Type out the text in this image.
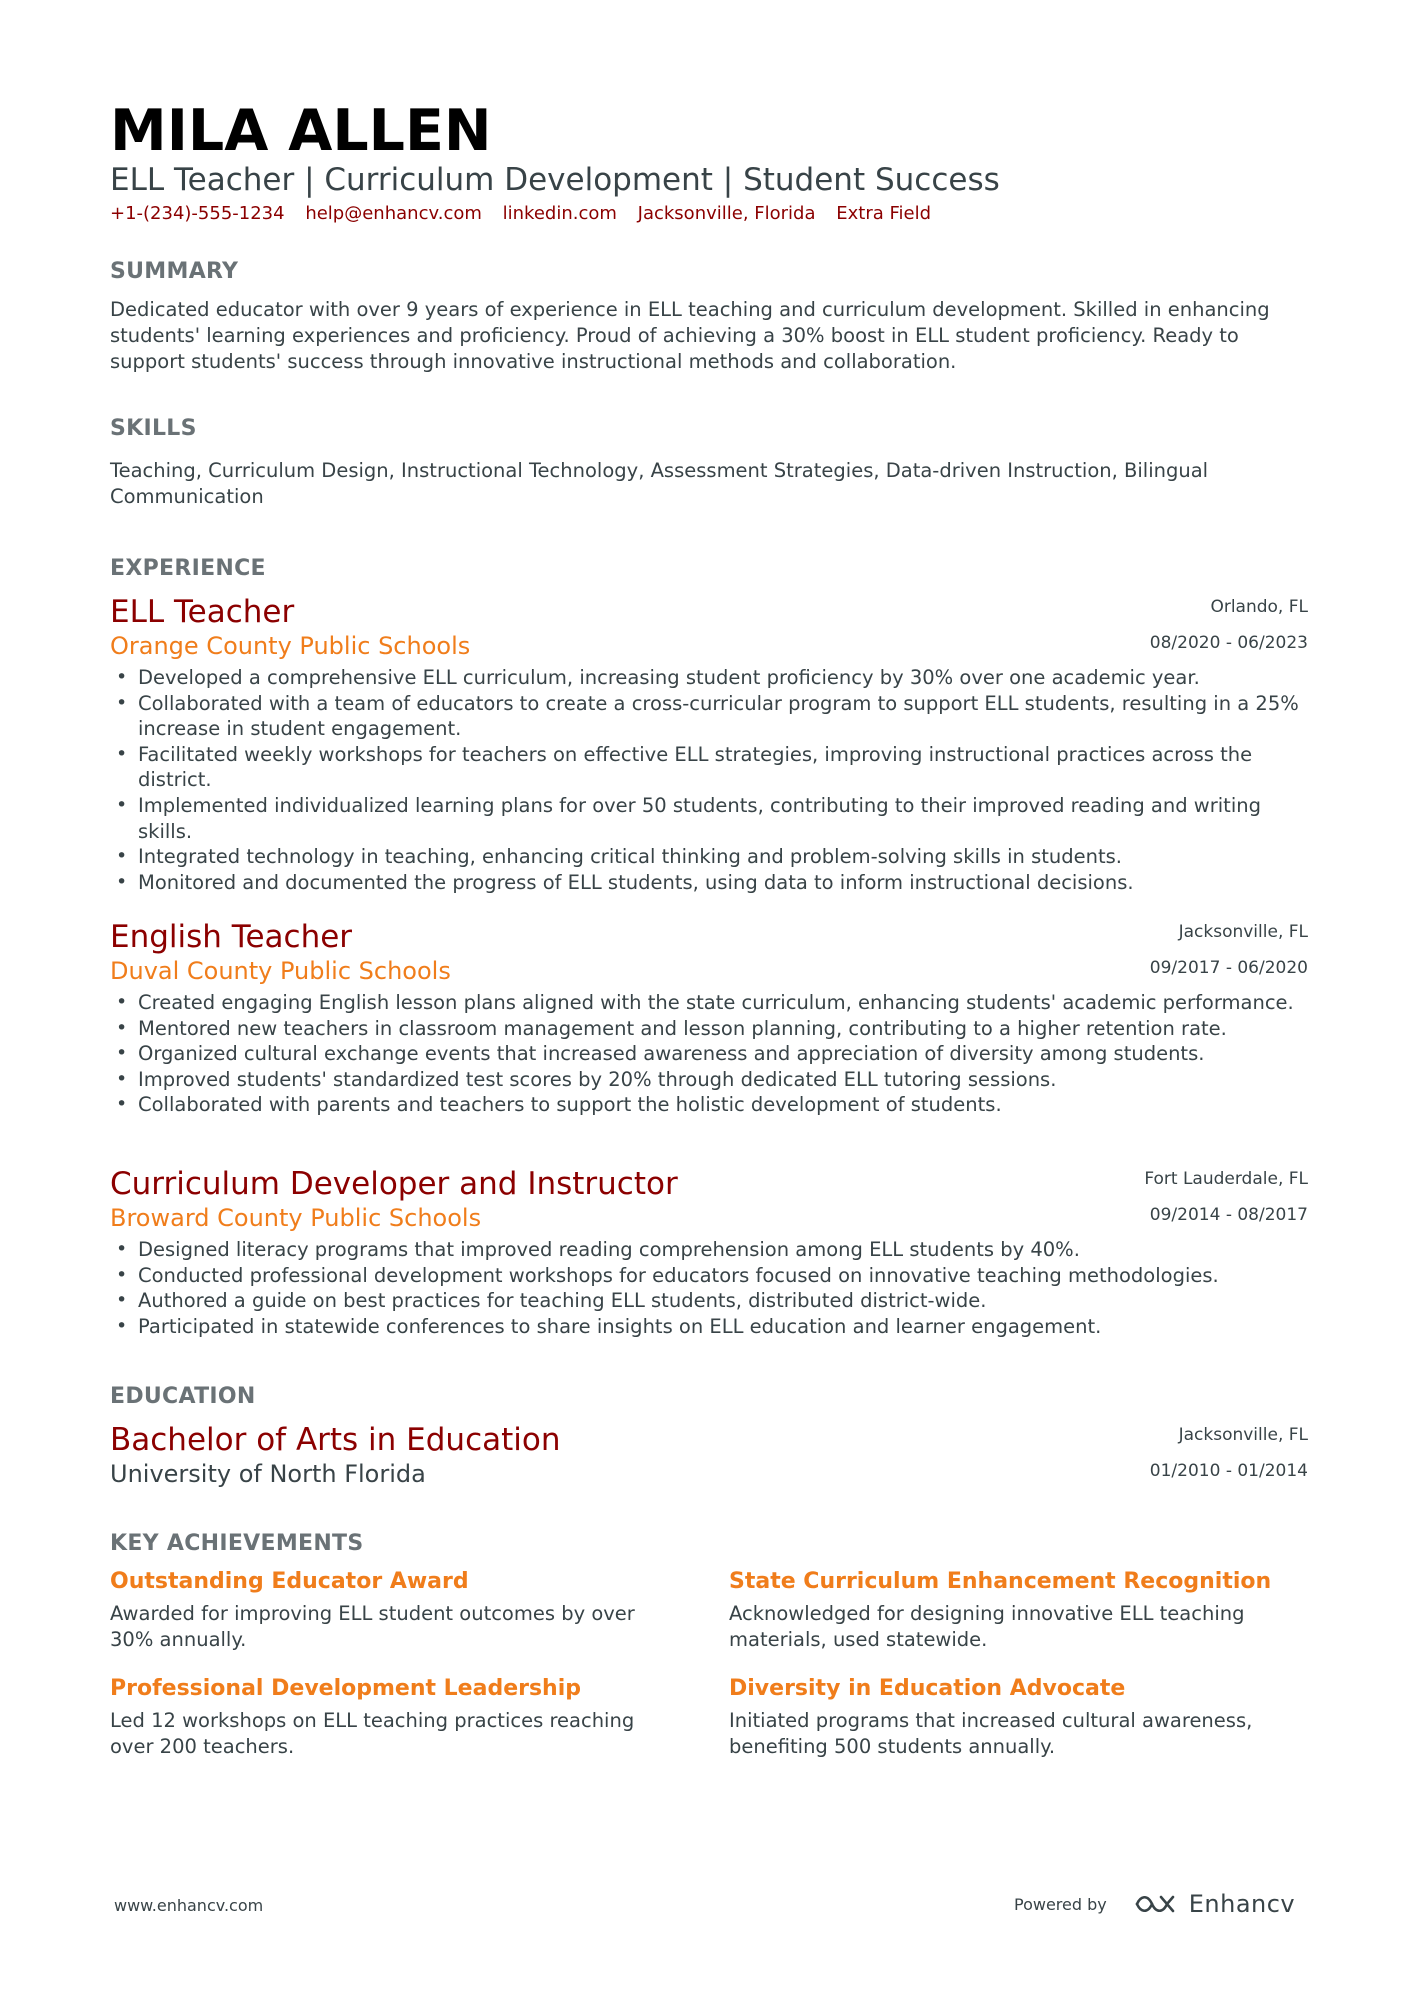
MILA ALLEN
ELL Teacher | Curriculum Development | Student Success
+1-(234)-555-1234 help@enhancv.com linkedin.com Jacksonville, Florida Extra Field
SUMMARY
Dedicated educator with over 9 years of experience in ELL teaching and curriculum development. Skilled in enhancing students' learning experiences and proficiency. Proud of achieving a 30% boost in ELL student proficiency. Ready to support students' success through innovative instructional methods and collaboration.
SKILLS
Teaching, Curriculum Design, Instructional Technology, Assessment Strategies, Data-driven Instruction, Bilingual Communication
EXPERIENCE
ELL Teacher
Orange County Public Schools
Orlando, FL
08/2020 - 06/2023
• Developed a comprehensive ELL curriculum, increasing student proficiency by 30% over one academic year.
• Collaborated with a team of educators to create a cross-curricular program to support ELL students, resulting in a 25% increase in student engagement.
• Facilitated weekly workshops for teachers on effective ELL strategies, improving instructional practices across the district.
• Implemented individualized learning plans for over 50 students, contributing to their improved reading and writing skills.
• Integrated technology in teaching, enhancing critical thinking and problem-solving skills in students.
• Monitored and documented the progress of ELL students, using data to inform instructional decisions.
English Teacher
Duval County Public Schools
Jacksonville, FL
09/2017 - 06/2020
• Created engaging English lesson plans aligned with the state curriculum, enhancing students' academic performance.
• Mentored new teachers in classroom management and lesson planning, contributing to a higher retention rate.
• Organized cultural exchange events that increased awareness and appreciation of diversity among students.
• Improved students' standardized test scores by 20% through dedicated ELL tutoring sessions.
• Collaborated with parents and teachers to support the holistic development of students.
Curriculum Developer and Instructor
Broward County Public Schools
Fort Lauderdale, FL
09/2014 - 08/2017
• Designed literacy programs that improved reading comprehension among ELL students by 40%.
• Conducted professional development workshops for educators focused on innovative teaching methodologies.
• Authored a guide on best practices for teaching ELL students, distributed district-wide.
• Participated in statewide conferences to share insights on ELL education and learner engagement.
EDUCATION
Bachelor of Arts in Education
University of North Florida
Jacksonville, FL
01/2010 - 01/2014
KEY ACHIEVEMENTS
Outstanding Educator Award
Awarded for improving ELL student outcomes by over 30% annually.
State Curriculum Enhancement Recognition
Acknowledged for designing innovative ELL teaching materials, used statewide.
Professional Development Leadership
Led 12 workshops on ELL teaching practices reaching over 200 teachers.
Diversity in Education Advocate
Initiated programs that increased cultural awareness, benefiting 500 students annually.
www.enhancv.com	Powered by	Enhancv
